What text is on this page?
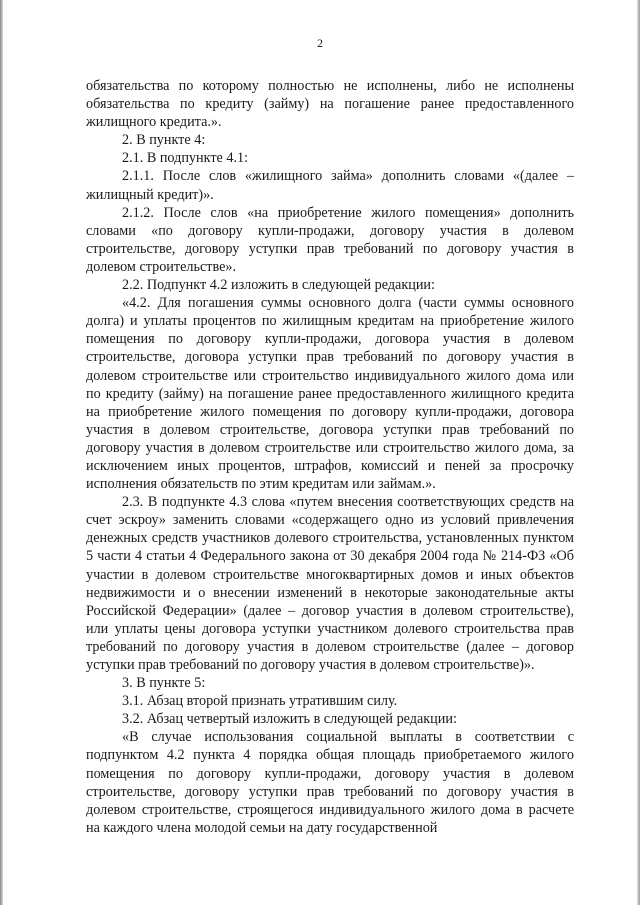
2

обязательства по которому полностью не исполнены, либо не исполнены обязательства по кредиту (займу) на погашение ранее предоставленного жилищного кредита.».

2. В пункте 4:

2.1. В подпункте 4.1:

2.1.1. После слов «жилищного займа» дополнить словами «(далее – жилищный кредит)».

2.1.2. После слов «на приобретение жилого помещения» дополнить словами «по договору купли-продажи, договору участия в долевом строительстве, договору уступки прав требований по договору участия в долевом строительстве».

2.2. Подпункт 4.2 изложить в следующей редакции:

«4.2. Для погашения суммы основного долга (части суммы основного долга) и уплаты процентов по жилищным кредитам на приобретение жилого помещения по договору купли-продажи, договора участия в долевом строительстве, договора уступки прав требований по договору участия в долевом строительстве или строительство индивидуального жилого дома или по кредиту (займу) на погашение ранее предоставленного жилищного кредита на приобретение жилого помещения по договору купли-продажи, договора участия в долевом строительстве, договора уступки прав требований по договору участия в долевом строительстве или строительство жилого дома, за исключением иных процентов, штрафов, комиссий и пеней за просрочку исполнения обязательств по этим кредитам или займам.».

2.3. В подпункте 4.3 слова «путем внесения соответствующих средств на счет эскроу» заменить словами «содержащего одно из условий привлечения денежных средств участников долевого строительства, установленных пунктом 5 части 4 статьи 4 Федерального закона от 30 декабря 2004 года № 214-ФЗ «Об участии в долевом строительстве многоквартирных домов и иных объектов недвижимости и о внесении изменений в некоторые законодательные акты Российской Федерации» (далее – договор участия в долевом строительстве), или уплаты цены договора уступки участником долевого строительства прав требований по договору участия в долевом строительстве (далее – договор уступки прав требований по договору участия в долевом строительстве)».

3. В пункте 5:

3.1. Абзац второй признать утратившим силу.

3.2. Абзац четвертый изложить в следующей редакции:

«В случае использования социальной выплаты в соответствии с подпунктом 4.2 пункта 4 порядка общая площадь приобретаемого жилого помещения по договору купли-продажи, договору участия в долевом строительстве, договору уступки прав требований по договору участия в долевом строительстве, строящегося индивидуального жилого дома в расчете на каждого члена молодой семьи на дату государственной
